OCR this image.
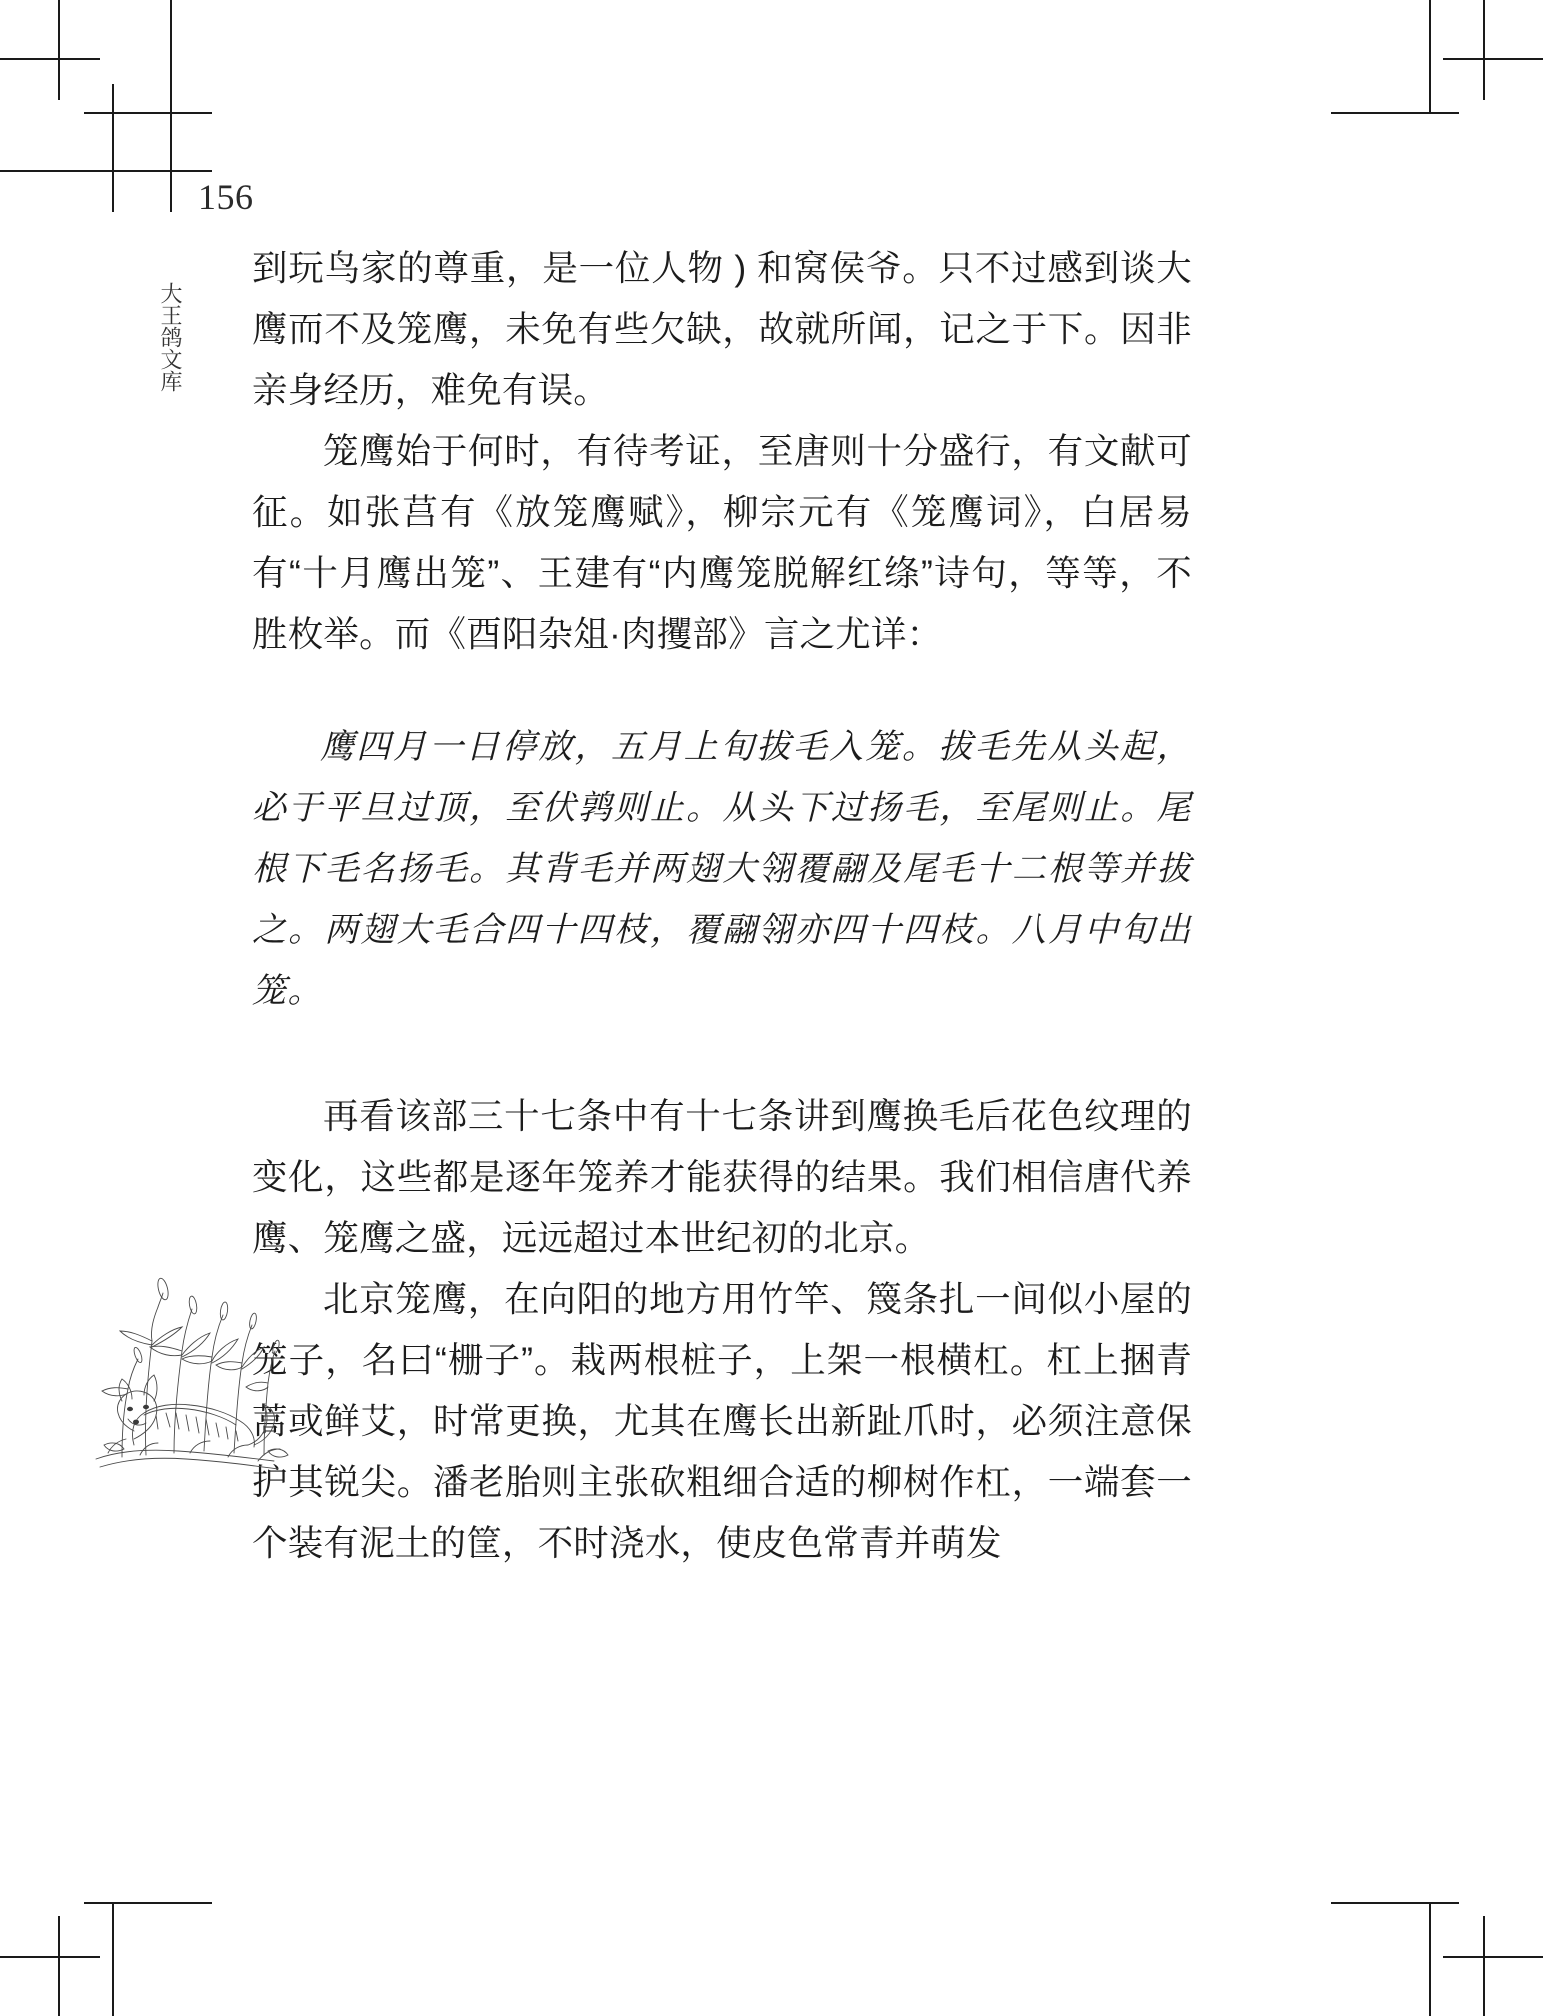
156
大王鸽文库

到玩鸟家的尊重，是一位人物 ) 和窝侯爷。只不过感到谈大鹰而不及笼鹰，未免有些欠缺，故就所闻，记之于下。因非亲身经历，难免有误。

笼鹰始于何时，有待考证，至唐则十分盛行，有文献可征。如张莒有《放笼鹰赋》，柳宗元有《笼鹰词》，白居易有“十月鹰出笼”、王建有“内鹰笼脱解红绦”诗句，等等，不胜枚举。而《酉阳杂俎·肉攫部》言之尤详：

鹰四月一日停放，五月上旬拔毛入笼。拔毛先从头起，必于平旦过顶，至伏鹑则止。从头下过扬毛，至尾则止。尾根下毛名扬毛。其背毛并两翅大翎覆翮及尾毛十二根等并拔之。两翅大毛合四十四枝，覆翮翎亦四十四枝。八月中旬出笼。

再看该部三十七条中有十七条讲到鹰换毛后花色纹理的变化，这些都是逐年笼养才能获得的结果。我们相信唐代养鹰、笼鹰之盛，远远超过本世纪初的北京。

北京笼鹰，在向阳的地方用竹竿、篾条扎一间似小屋的笼子，名曰“栅子”。栽两根桩子，上架一根横杠。杠上捆青蒿或鲜艾，时常更换，尤其在鹰长出新趾爪时，必须注意保护其锐尖。潘老胎则主张砍粗细合适的柳树作杠，一端套一个装有泥土的筐，不时浇水，使皮色常青并萌发
